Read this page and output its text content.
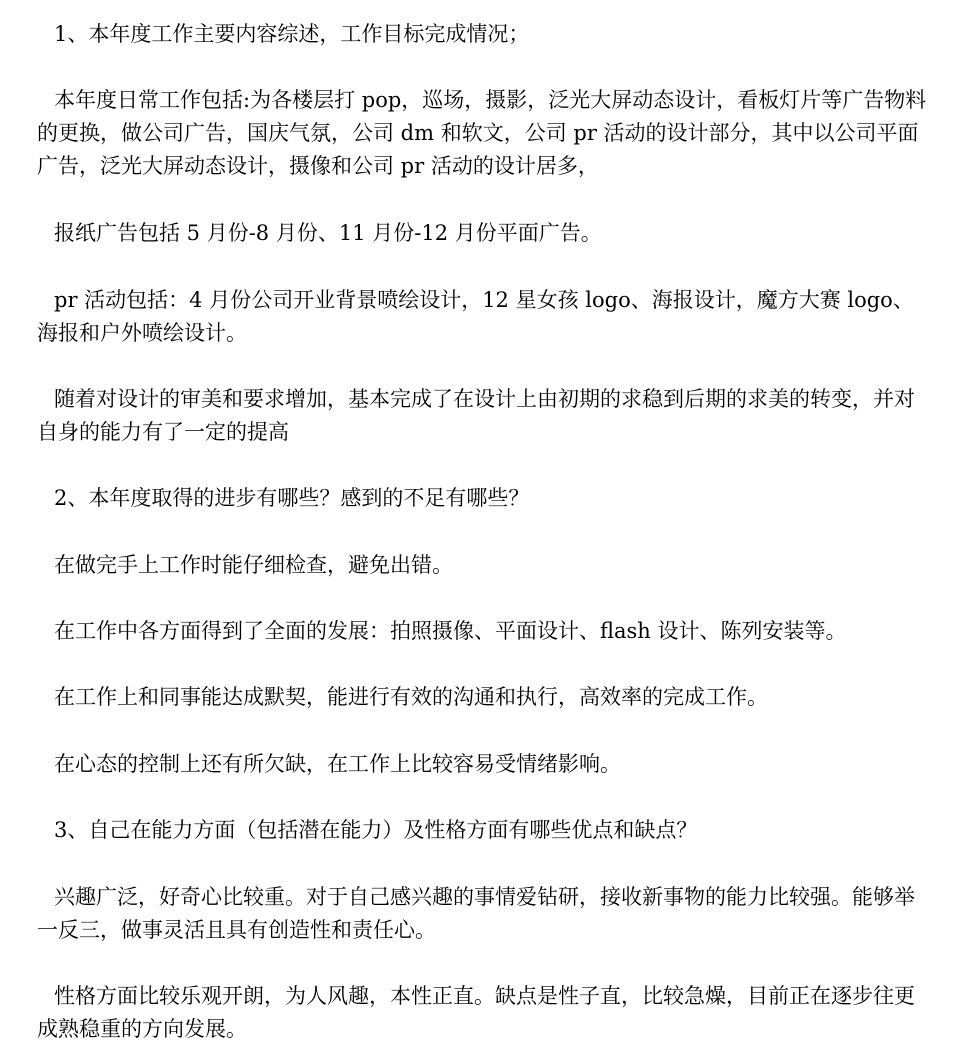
1、本年度工作主要内容综述，工作目标完成情况；

本年度日常工作包括:为各楼层打 pop，巡场，摄影，泛光大屏动态设计，看板灯片等广告物料的更换，做公司广告，国庆气氛，公司 dm 和软文，公司 pr 活动的设计部分，其中以公司平面广告，泛光大屏动态设计，摄像和公司 pr 活动的设计居多，

报纸广告包括 5 月份-8 月份、11 月份-12 月份平面广告。

pr 活动包括：4 月份公司开业背景喷绘设计，12 星女孩 logo、海报设计，魔方大赛 logo、海报和户外喷绘设计。

随着对设计的审美和要求增加，基本完成了在设计上由初期的求稳到后期的求美的转变，并对自身的能力有了一定的提高

2、本年度取得的进步有哪些？感到的不足有哪些？

在做完手上工作时能仔细检查，避免出错。

在工作中各方面得到了全面的发展：拍照摄像、平面设计、flash 设计、陈列安装等。

在工作上和同事能达成默契，能进行有效的沟通和执行，高效率的完成工作。

在心态的控制上还有所欠缺，在工作上比较容易受情绪影响。

3、自己在能力方面（包括潜在能力）及性格方面有哪些优点和缺点？

兴趣广泛，好奇心比较重。对于自己感兴趣的事情爱钻研，接收新事物的能力比较强。能够举一反三，做事灵活且具有创造性和责任心。

性格方面比较乐观开朗，为人风趣，本性正直。缺点是性子直，比较急燥，目前正在逐步往更成熟稳重的方向发展。
